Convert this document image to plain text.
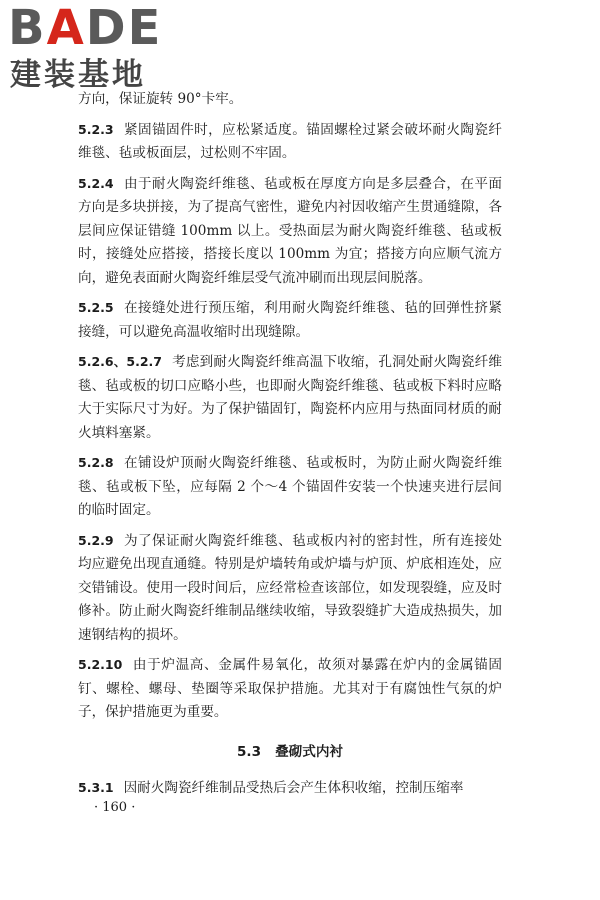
BADE
建装基地

方向，保证旋转 90°卡牢。

5.2.3 紧固锚固件时，应松紧适度。锚固螺栓过紧会破坏耐火陶瓷纤维毯、毡或板面层，过松则不牢固。

5.2.4 由于耐火陶瓷纤维毯、毡或板在厚度方向是多层叠合，在平面方向是多块拼接，为了提高气密性，避免内衬因收缩产生贯通缝隙，各层间应保证错缝 100mm 以上。受热面层为耐火陶瓷纤维毯、毡或板时，接缝处应搭接，搭接长度以 100mm 为宜；搭接方向应顺气流方向，避免表面耐火陶瓷纤维层受气流冲刷而出现层间脱落。

5.2.5 在接缝处进行预压缩，利用耐火陶瓷纤维毯、毡的回弹性挤紧接缝，可以避免高温收缩时出现缝隙。

5.2.6、5.2.7 考虑到耐火陶瓷纤维高温下收缩，孔洞处耐火陶瓷纤维毯、毡或板的切口应略小些，也即耐火陶瓷纤维毯、毡或板下料时应略大于实际尺寸为好。为了保护锚固钉，陶瓷杯内应用与热面同材质的耐火填料塞紧。

5.2.8 在铺设炉顶耐火陶瓷纤维毯、毡或板时，为防止耐火陶瓷纤维毯、毡或板下坠，应每隔 2 个～4 个锚固件安装一个快速夹进行层间的临时固定。

5.2.9 为了保证耐火陶瓷纤维毯、毡或板内衬的密封性，所有连接处均应避免出现直通缝。特别是炉墙转角或炉墙与炉顶、炉底相连处，应交错铺设。使用一段时间后，应经常检查该部位，如发现裂缝，应及时修补。防止耐火陶瓷纤维制品继续收缩，导致裂缝扩大造成热损失，加速钢结构的损坏。

5.2.10 由于炉温高、金属件易氧化，故须对暴露在炉内的金属锚固钉、螺栓、螺母、垫圈等采取保护措施。尤其对于有腐蚀性气氛的炉子，保护措施更为重要。

5.3 叠砌式内衬

5.3.1 因耐火陶瓷纤维制品受热后会产生体积收缩，控制压缩率

· 160 ·
